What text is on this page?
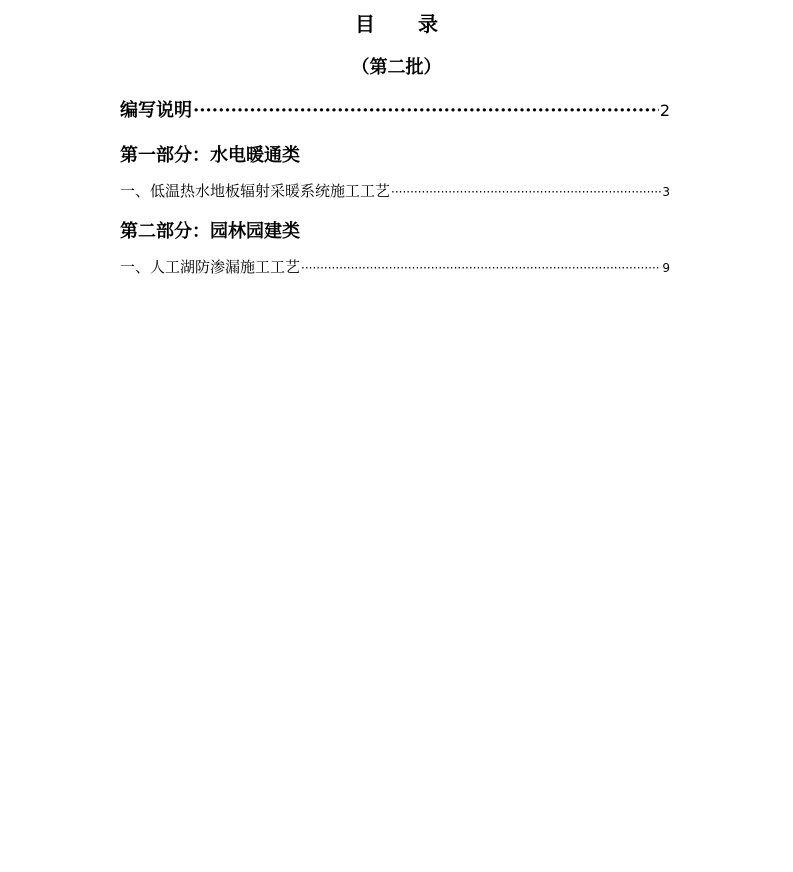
目 录
（第二批）
编写说明 ·····	2
第一部分：水电暖通类
一、低温热水地板辐射采暖系统施工工艺 ·····	3
第二部分：园林园建类
一、人工湖防渗漏施工工艺 ·····	9
